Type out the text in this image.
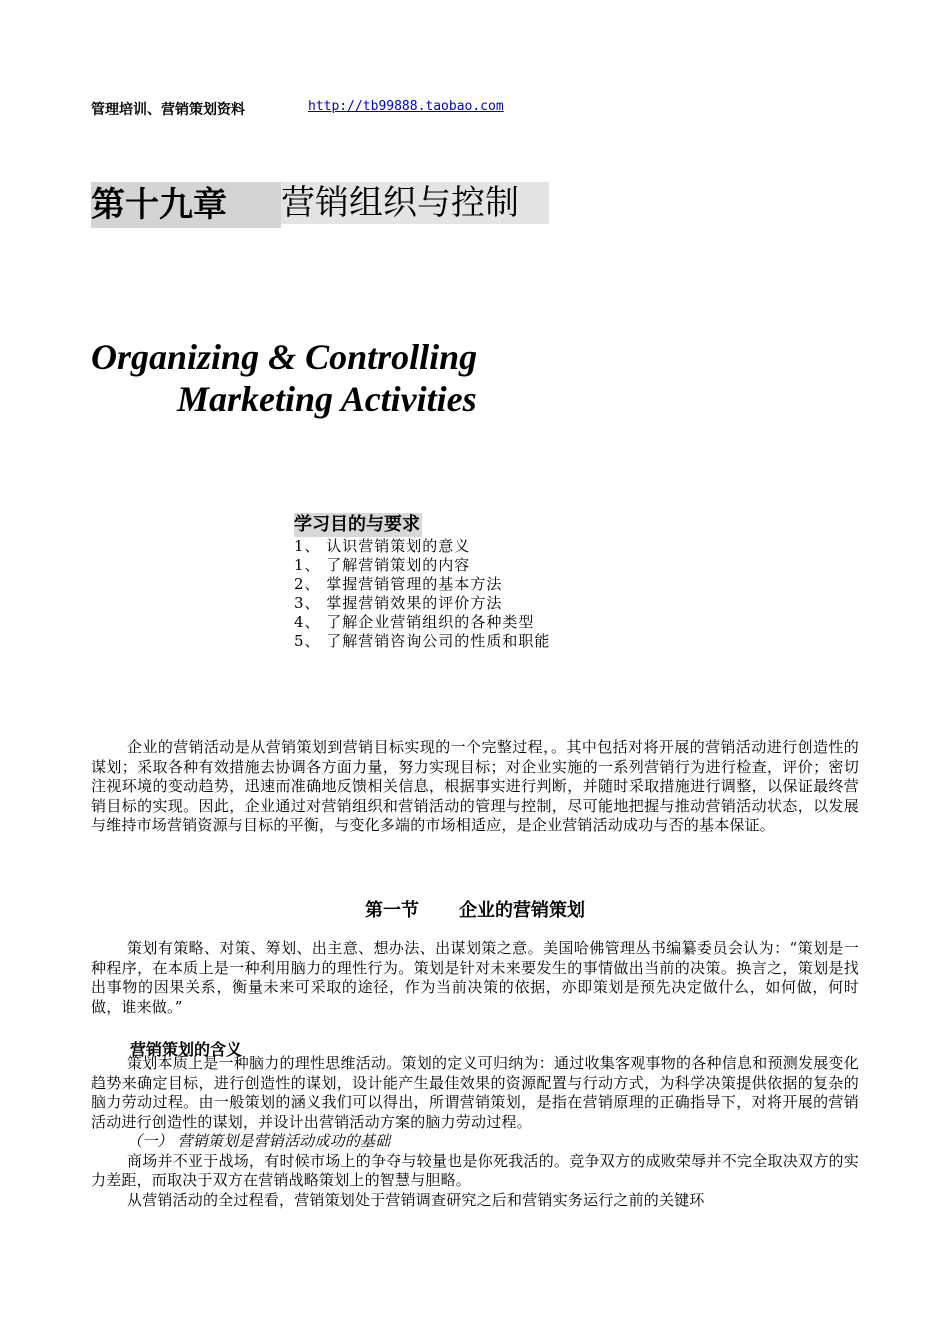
管理培训、营销策划资料	http://tb99888.taobao.com
第十九章	营销组织与控制
Organizing & Controlling
Marketing Activities
学习目的与要求
1、 认识营销策划的意义
1、 了解营销策划的内容
2、 掌握营销管理的基本方法
3、 掌握营销效果的评价方法
4、 了解企业营销组织的各种类型
5、 了解营销咨询公司的性质和职能

企业的营销活动是从营销策划到营销目标实现的一个完整过程，。其中包括对将开展的营销活动进行创造性的谋划；采取各种有效措施去协调各方面力量，努力实现目标；对企业实施的一系列营销行为进行检查，评价；密切注视环境的变动趋势，迅速而准确地反馈相关信息，根据事实进行判断，并随时采取措施进行调整，以保证最终营销目标的实现。因此，企业通过对营销组织和营销活动的管理与控制，尽可能地把握与推动营销活动状态，以发展与维持市场营销资源与目标的平衡，与变化多端的市场相适应，是企业营销活动成功与否的基本保证。

第一节 企业的营销策划

策划有策略、对策、筹划、出主意、想办法、出谋划策之意。美国哈佛管理丛书编纂委员会认为：“策划是一种程序，在本质上是一种利用脑力的理性行为。策划是针对未来要发生的事情做出当前的决策。换言之，策划是找出事物的因果关系，衡量未来可采取的途径，作为当前决策的依据，亦即策划是预先决定做什么，如何做，何时做，谁来做。”

营销策划的含义

策划本质上是一种脑力的理性思维活动。策划的定义可归纳为：通过收集客观事物的各种信息和预测发展变化趋势来确定目标，进行创造性的谋划，设计能产生最佳效果的资源配置与行动方式，为科学决策提供依据的复杂的脑力劳动过程。由一般策划的涵义我们可以得出，所谓营销策划，是指在营销原理的正确指导下，对将开展的营销活动进行创造性的谋划，并设计出营销活动方案的脑力劳动过程。

（一） 营销策划是营销活动成功的基础

商场并不亚于战场，有时候市场上的争夺与较量也是你死我活的。竞争双方的成败荣辱并不完全取决双方的实力差距，而取决于双方在营销战略策划上的智慧与胆略。

从营销活动的全过程看，营销策划处于营销调查研究之后和营销实务运行之前的关键环
